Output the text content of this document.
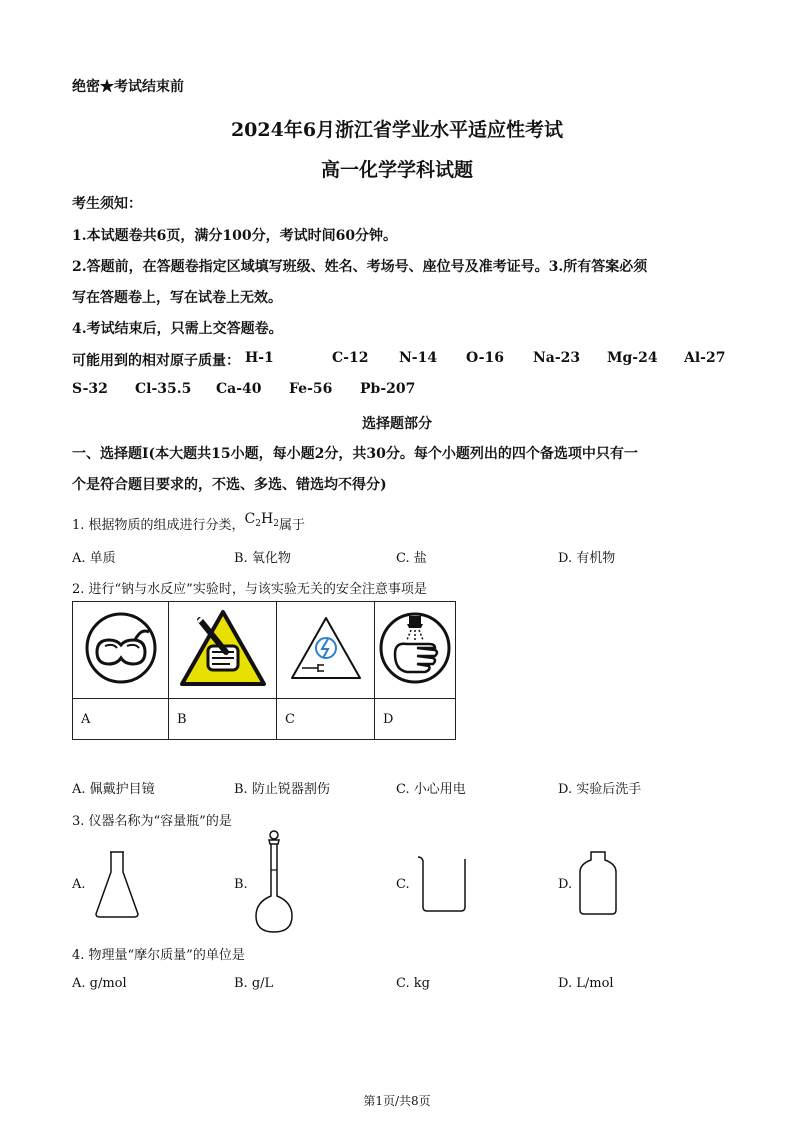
绝密★考试结束前
2024年6月浙江省学业水平适应性考试
高一化学学科试题
考生须知：
1.本试题卷共6页，满分100分，考试时间60分钟。
2.答题前，在答题卷指定区域填写班级、姓名、考场号、座位号及准考证号。3.所有答案必须
写在答题卷上，写在试卷上无效。
4.考试结束后，只需上交答题卷。
可能用到的相对原子质量： H-1	C-12 N-14 O-16 Na-23 Mg-24 Al-27
S-32 Cl-35.5 Ca-40 Fe-56 Pb-207
选择题部分
一、选择题Ⅰ(本大题共15小题，每小题2分，共30分。每个小题列出的四个备选项中只有一
个是符合题目要求的，不选、多选、错选均不得分)
1. 根据物质的组成进行分类，$C_2H_2$属于
A. 单质	B. 氧化物	C. 盐	D. 有机物
2. 进行“钠与水反应”实验时，与该实验无关的安全注意事项是

A	B	C	D
A. 佩戴护目镜	B. 防止锐器割伤	C. 小心用电	D. 实验后洗手
3. 仪器名称为“容量瓶”的是
A.	B.	C.	D.
4. 物理量“摩尔质量”的单位是
A. g/mol	B. g/L	C. kg	D. L/mol
第1页/共8页
